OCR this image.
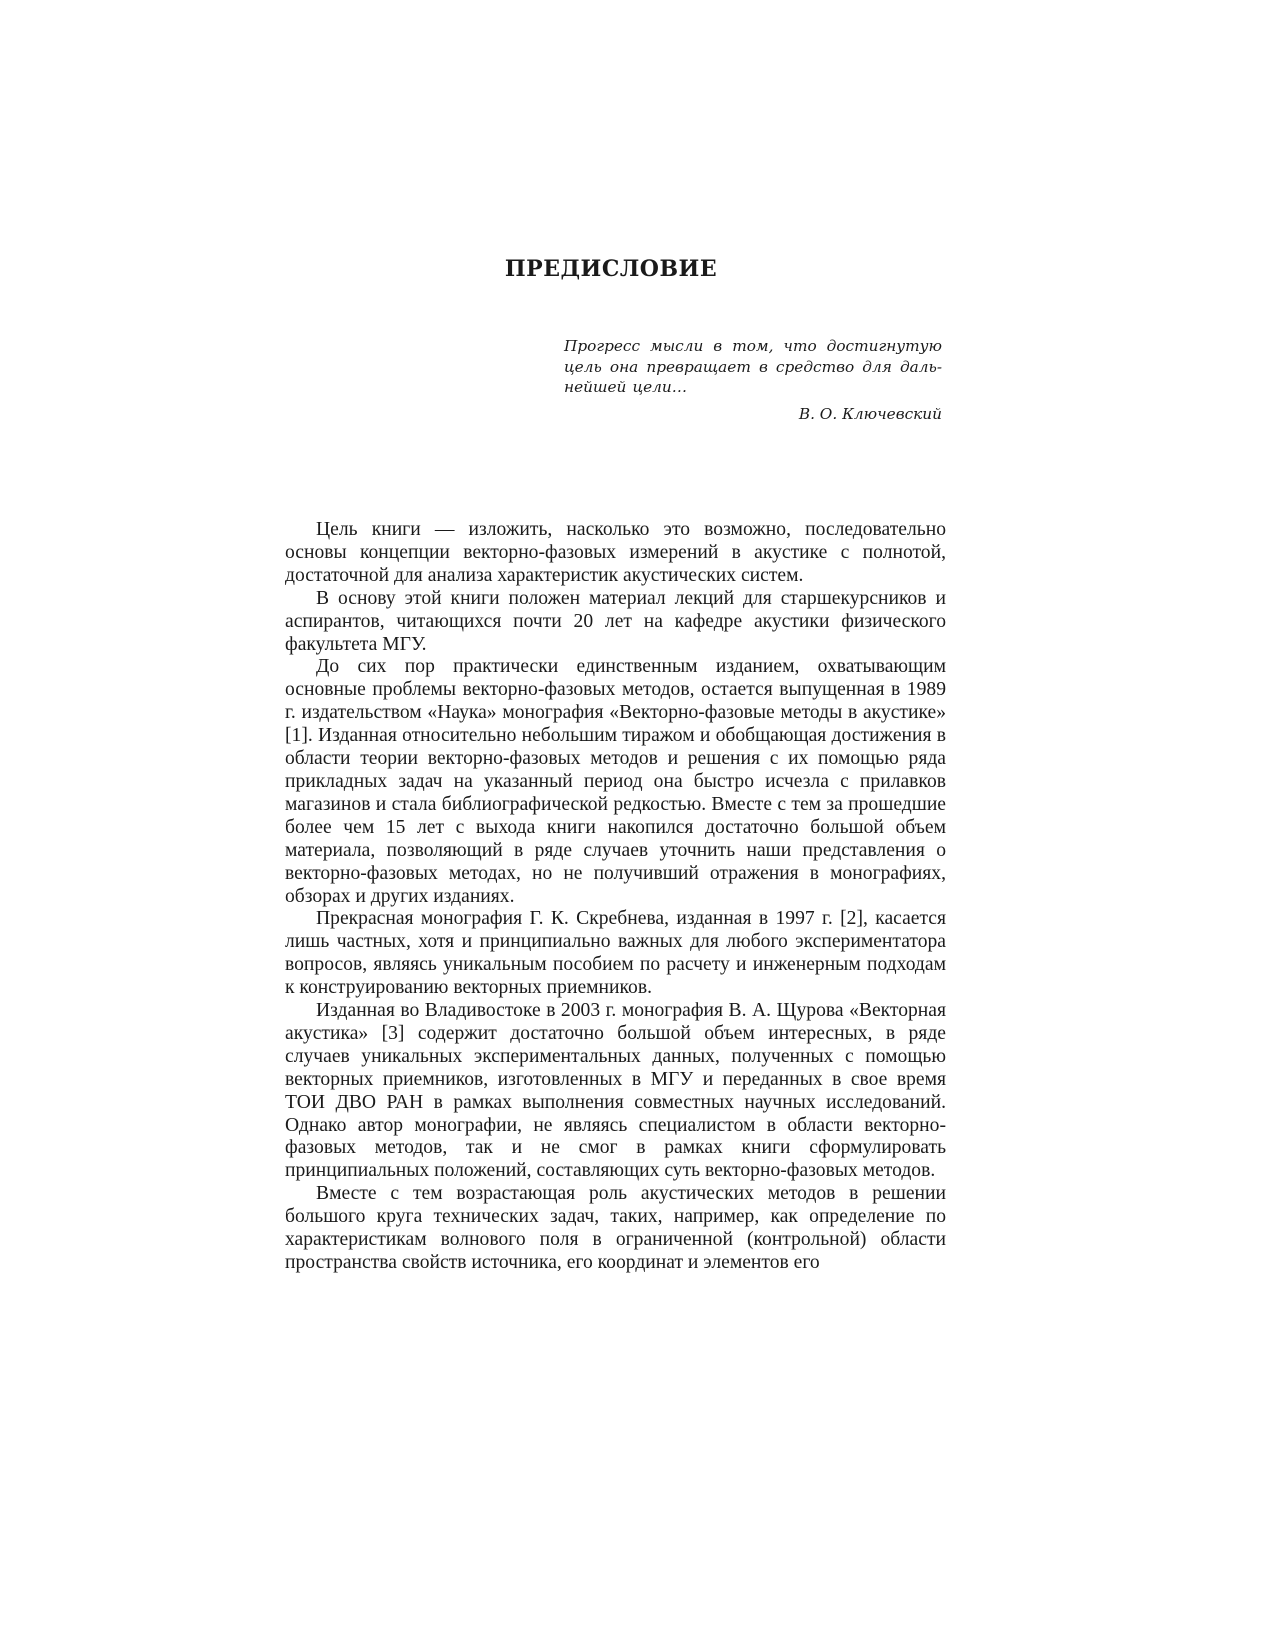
ПРЕДИСЛОВИЕ
Прогресс мысли в том, что достигнутую цель она превращает в средство для дальнейшей цели…
В. О. Ключевский

Цель книги — изложить, насколько это возможно, последовательно основы концепции векторно-фазовых измерений в акустике с полнотой, достаточной для анализа характеристик акустических систем.

В основу этой книги положен материал лекций для старшекурсников и аспирантов, читающихся почти 20 лет на кафедре акустики физического факультета МГУ.

До сих пор практически единственным изданием, охватывающим основные проблемы векторно-фазовых методов, остается выпущенная в 1989 г. издательством «Наука» монография «Векторно-фазовые методы в акустике» [1]. Изданная относительно небольшим тиражом и обобщающая достижения в области теории векторно-фазовых методов и решения с их помощью ряда прикладных задач на указанный период она быстро исчезла с прилавков магазинов и стала библиографической редкостью. Вместе с тем за прошедшие более чем 15 лет с выхода книги накопился достаточно большой объем материала, позволяющий в ряде случаев уточнить наши представления о векторно-фазовых методах, но не получивший отражения в монографиях, обзорах и других изданиях.

Прекрасная монография Г. К. Скребнева, изданная в 1997 г. [2], касается лишь частных, хотя и принципиально важных для любого экспериментатора вопросов, являясь уникальным пособием по расчету и инженерным подходам к конструированию векторных приемников.

Изданная во Владивостоке в 2003 г. монография В. А. Щурова «Векторная акустика» [3] содержит достаточно большой объем интересных, в ряде случаев уникальных экспериментальных данных, полученных с помощью векторных приемников, изготовленных в МГУ и переданных в свое время ТОИ ДВО РАН в рамках выполнения совместных научных исследований. Однако автор монографии, не являясь специалистом в области векторно-фазовых методов, так и не смог в рамках книги сформулировать принципиальных положений, составляющих суть векторно-фазовых методов.

Вместе с тем возрастающая роль акустических методов в решении большого круга технических задач, таких, например, как определение по характеристикам волнового поля в ограниченной (контрольной) области пространства свойств источника, его координат и элементов его
